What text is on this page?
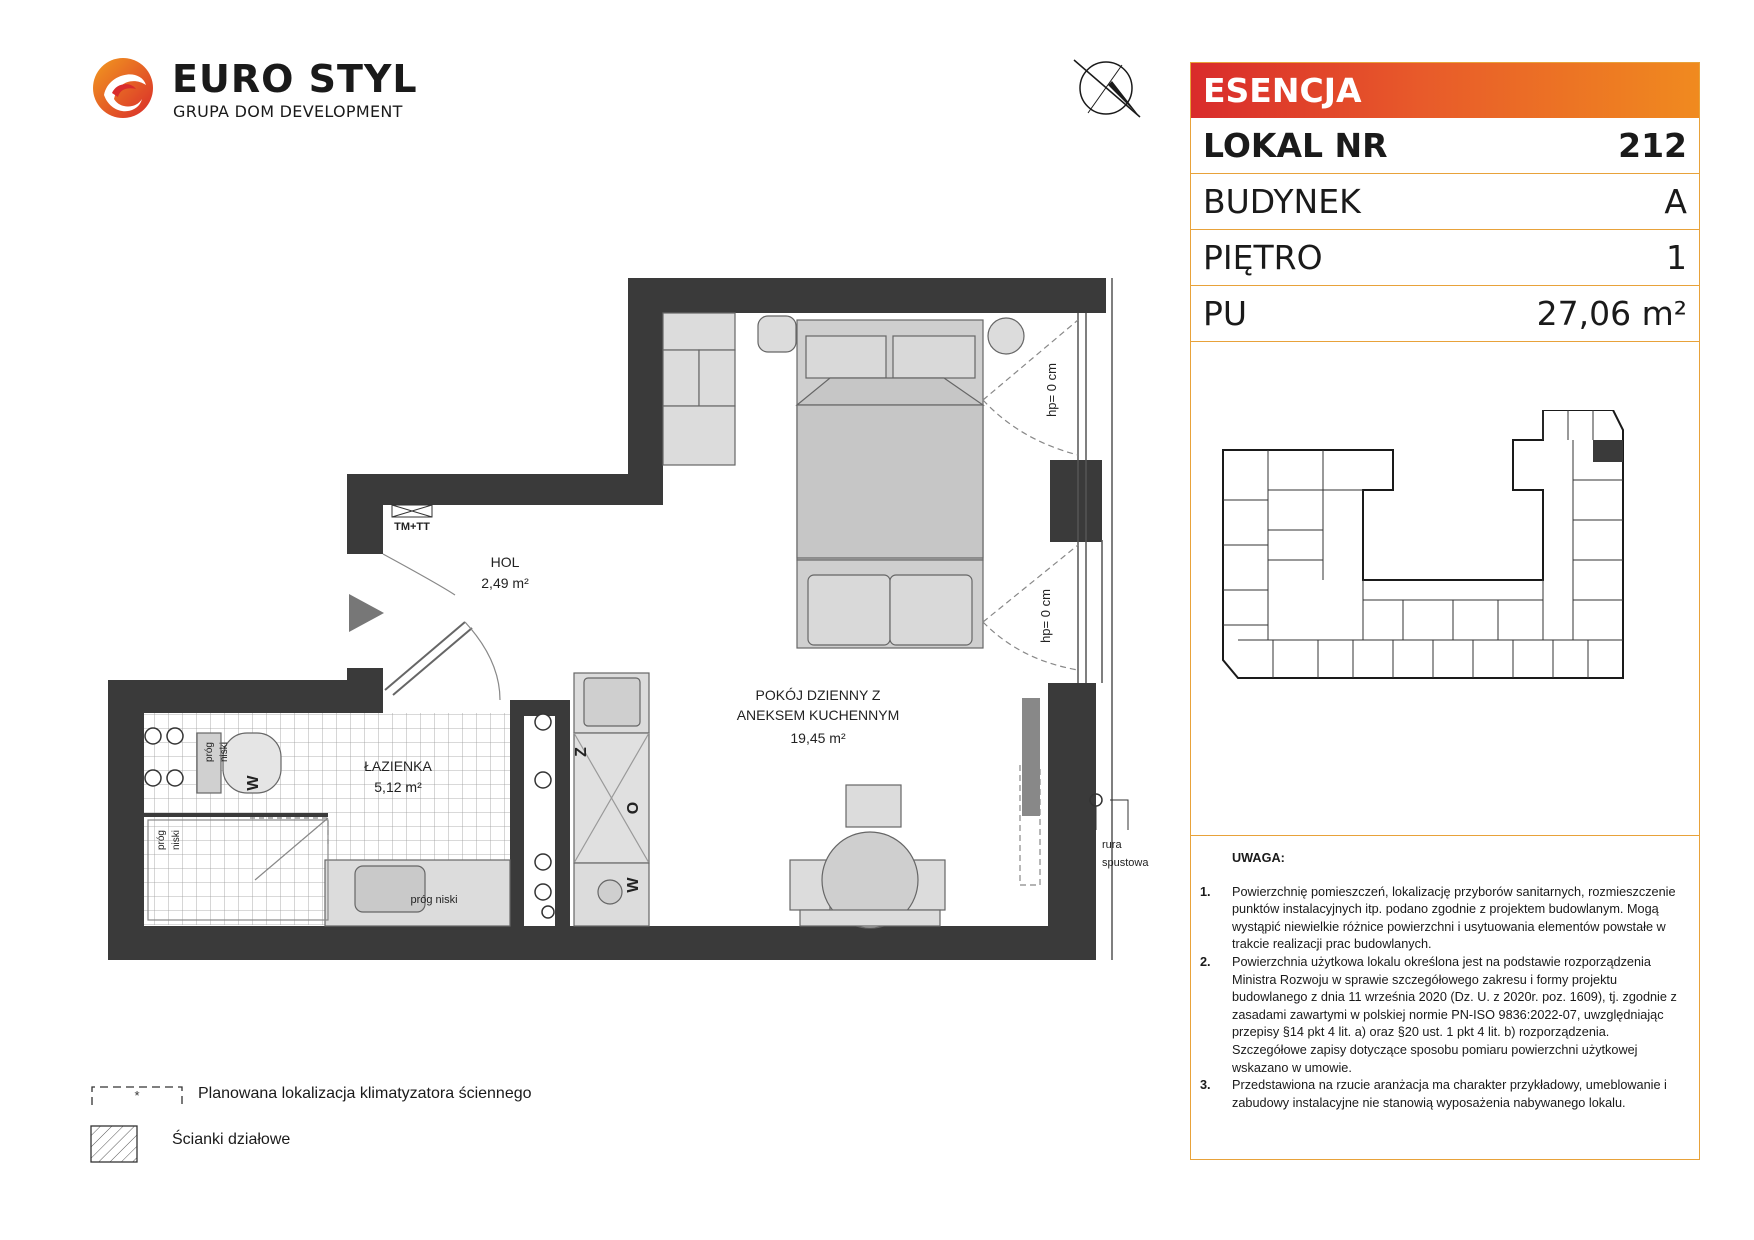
EURO STYL
GRUPA DOM DEVELOPMENT
HOL
2,49 m²
ŁAZIENKA
5,12 m²
POKÓJ DZIENNY Z
ANEKSEM KUCHENNYM
19,45 m²
TM+TT
hp= 0 cm
hp= 0 cm
próg niski
próg niski
próg niski
W
Z
O
W
rura
spustowa
ESENCJA
LOKAL NR	212
BUDYNEK	A
PIĘTRO	1
PU	27,06 m²
UWAGA:
1.	Powierzchnię pomieszczeń, lokalizację przyborów sanitarnych, rozmieszczenie punktów instalacyjnych itp. podano zgodnie z projektem budowlanym. Mogą wystąpić niewielkie różnice powierzchni i usytuowania elementów powstałe w trakcie realizacji prac budowlanych.
2.	Powierzchnia użytkowa lokalu określona jest na podstawie rozporządzenia Ministra Rozwoju w sprawie szczegółowego zakresu i formy projektu budowlanego z dnia 11 września 2020 (Dz. U. z 2020r. poz. 1609), tj. zgodnie z zasadami zawartymi w polskiej normie PN-ISO 9836:2022-07, uwzględniając przepisy §14 pkt 4 lit. a) oraz §20 ust. 1 pkt 4 lit. b) rozporządzenia. Szczegółowe zapisy dotyczące sposobu pomiaru powierzchni użytkowej wskazano w umowie.
3.	Przedstawiona na rzucie aranżacja ma charakter przykładowy, umeblowanie i zabudowy instalacyjne nie stanowią wyposażenia nabywanego lokalu.
*	Planowana lokalizacja klimatyzatora ściennego
Ścianki działowe
